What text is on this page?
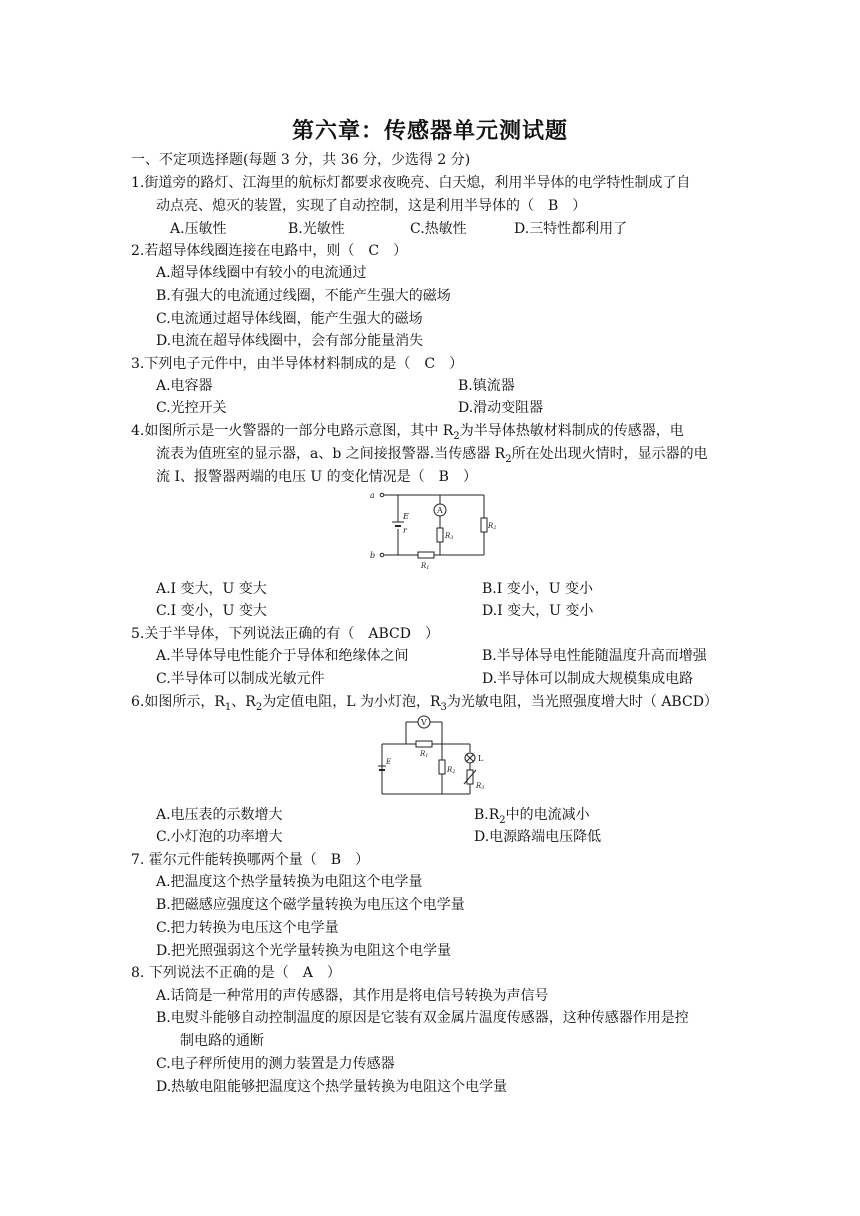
第六章：传感器单元测试题
一、不定项选择题(每题 3 分，共 36 分，少选得 2 分)
1.街道旁的路灯、江海里的航标灯都要求夜晚亮、白天熄，利用半导体的电学特性制成了自
动点亮、熄灭的装置，实现了自动控制，这是利用半导体的（　B　）
A.压敏性	B.光敏性	C.热敏性	D.三特性都利用了
2.若超导体线圈连接在电路中，则（　C　）
A.超导体线圈中有较小的电流通过
B.有强大的电流通过线圈，不能产生强大的磁场
C.电流通过超导体线圈，能产生强大的磁场
D.电流在超导体线圈中，会有部分能量消失
3.下列电子元件中，由半导体材料制成的是（　C　）
A.电容器	B.镇流器
C.光控开关	D.滑动变阻器
4.如图所示是一火警器的一部分电路示意图，其中 $R_2$为半导体热敏材料制成的传感器，电
流表为值班室的显示器，a、b 之间接报警器.当传感器 $R_2$所在处出现火情时，显示器的电
流 I、报警器两端的电压 U 的变化情况是（　B　）
a
b
E
r
A
R3
R2
R1
A.I 变大，U 变大	B.I 变小，U 变小
C.I 变小，U 变大	D.I 变大，U 变小
5.关于半导体，下列说法正确的有（　ABCD　）
A.半导体导电性能介于导体和绝缘体之间	B.半导体导电性能随温度升高而增强
C.半导体可以制成光敏元件	D.半导体可以制成大规模集成电路
6.如图所示，$R_1$、$R_2$为定值电阻，L 为小灯泡，$R_3$为光敏电阻，当光照强度增大时（ ABCD）
V
E
R1
R2
R3
L
A.电压表的示数增大	$B.R_2$中的电流减小
C.小灯泡的功率增大	D.电源路端电压降低
7. 霍尔元件能转换哪两个量（　B　）
A.把温度这个热学量转换为电阻这个电学量
B.把磁感应强度这个磁学量转换为电压这个电学量
C.把力转换为电压这个电学量
D.把光照强弱这个光学量转换为电阻这个电学量
8. 下列说法不正确的是（　A　）
A.话筒是一种常用的声传感器，其作用是将电信号转换为声信号
B.电熨斗能够自动控制温度的原因是它装有双金属片温度传感器，这种传感器作用是控
制电路的通断
C.电子秤所使用的测力装置是力传感器
D.热敏电阻能够把温度这个热学量转换为电阻这个电学量
